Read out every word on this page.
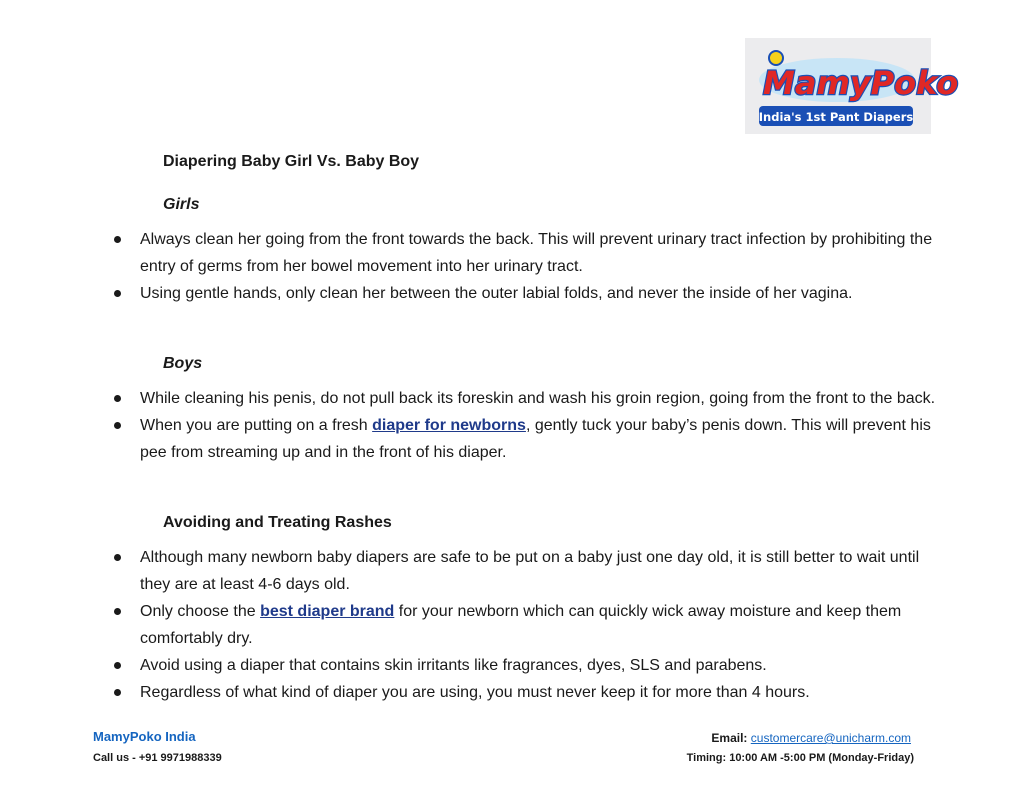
MamyPoko
India's 1st Pant Diapers
Diapering Baby Girl Vs. Baby Boy
Girls
Always clean her going from the front towards the back. This will prevent urinary tract infection by prohibiting the entry of germs from her bowel movement into her urinary tract.
Using gentle hands, only clean her between the outer labial folds, and never the inside of her vagina.
Boys
While cleaning his penis, do not pull back its foreskin and wash his groin region, going from the front to the back.
When you are putting on a fresh diaper for newborns, gently tuck your baby’s penis down. This will prevent his pee from streaming up and in the front of his diaper.
Avoiding and Treating Rashes
Although many newborn baby diapers are safe to be put on a baby just one day old, it is still better to wait until they are at least 4-6 days old.
Only choose the best diaper brand for your newborn which can quickly wick away moisture and keep them comfortably dry.
Avoid using a diaper that contains skin irritants like fragrances, dyes, SLS and parabens.
Regardless of what kind of diaper you are using, you must never keep it for more than 4 hours.
MamyPoko India
Call us - +91 9971988339
Email: customercare@unicharm.com
Timing: 10:00 AM -5:00 PM (Monday-Friday)
